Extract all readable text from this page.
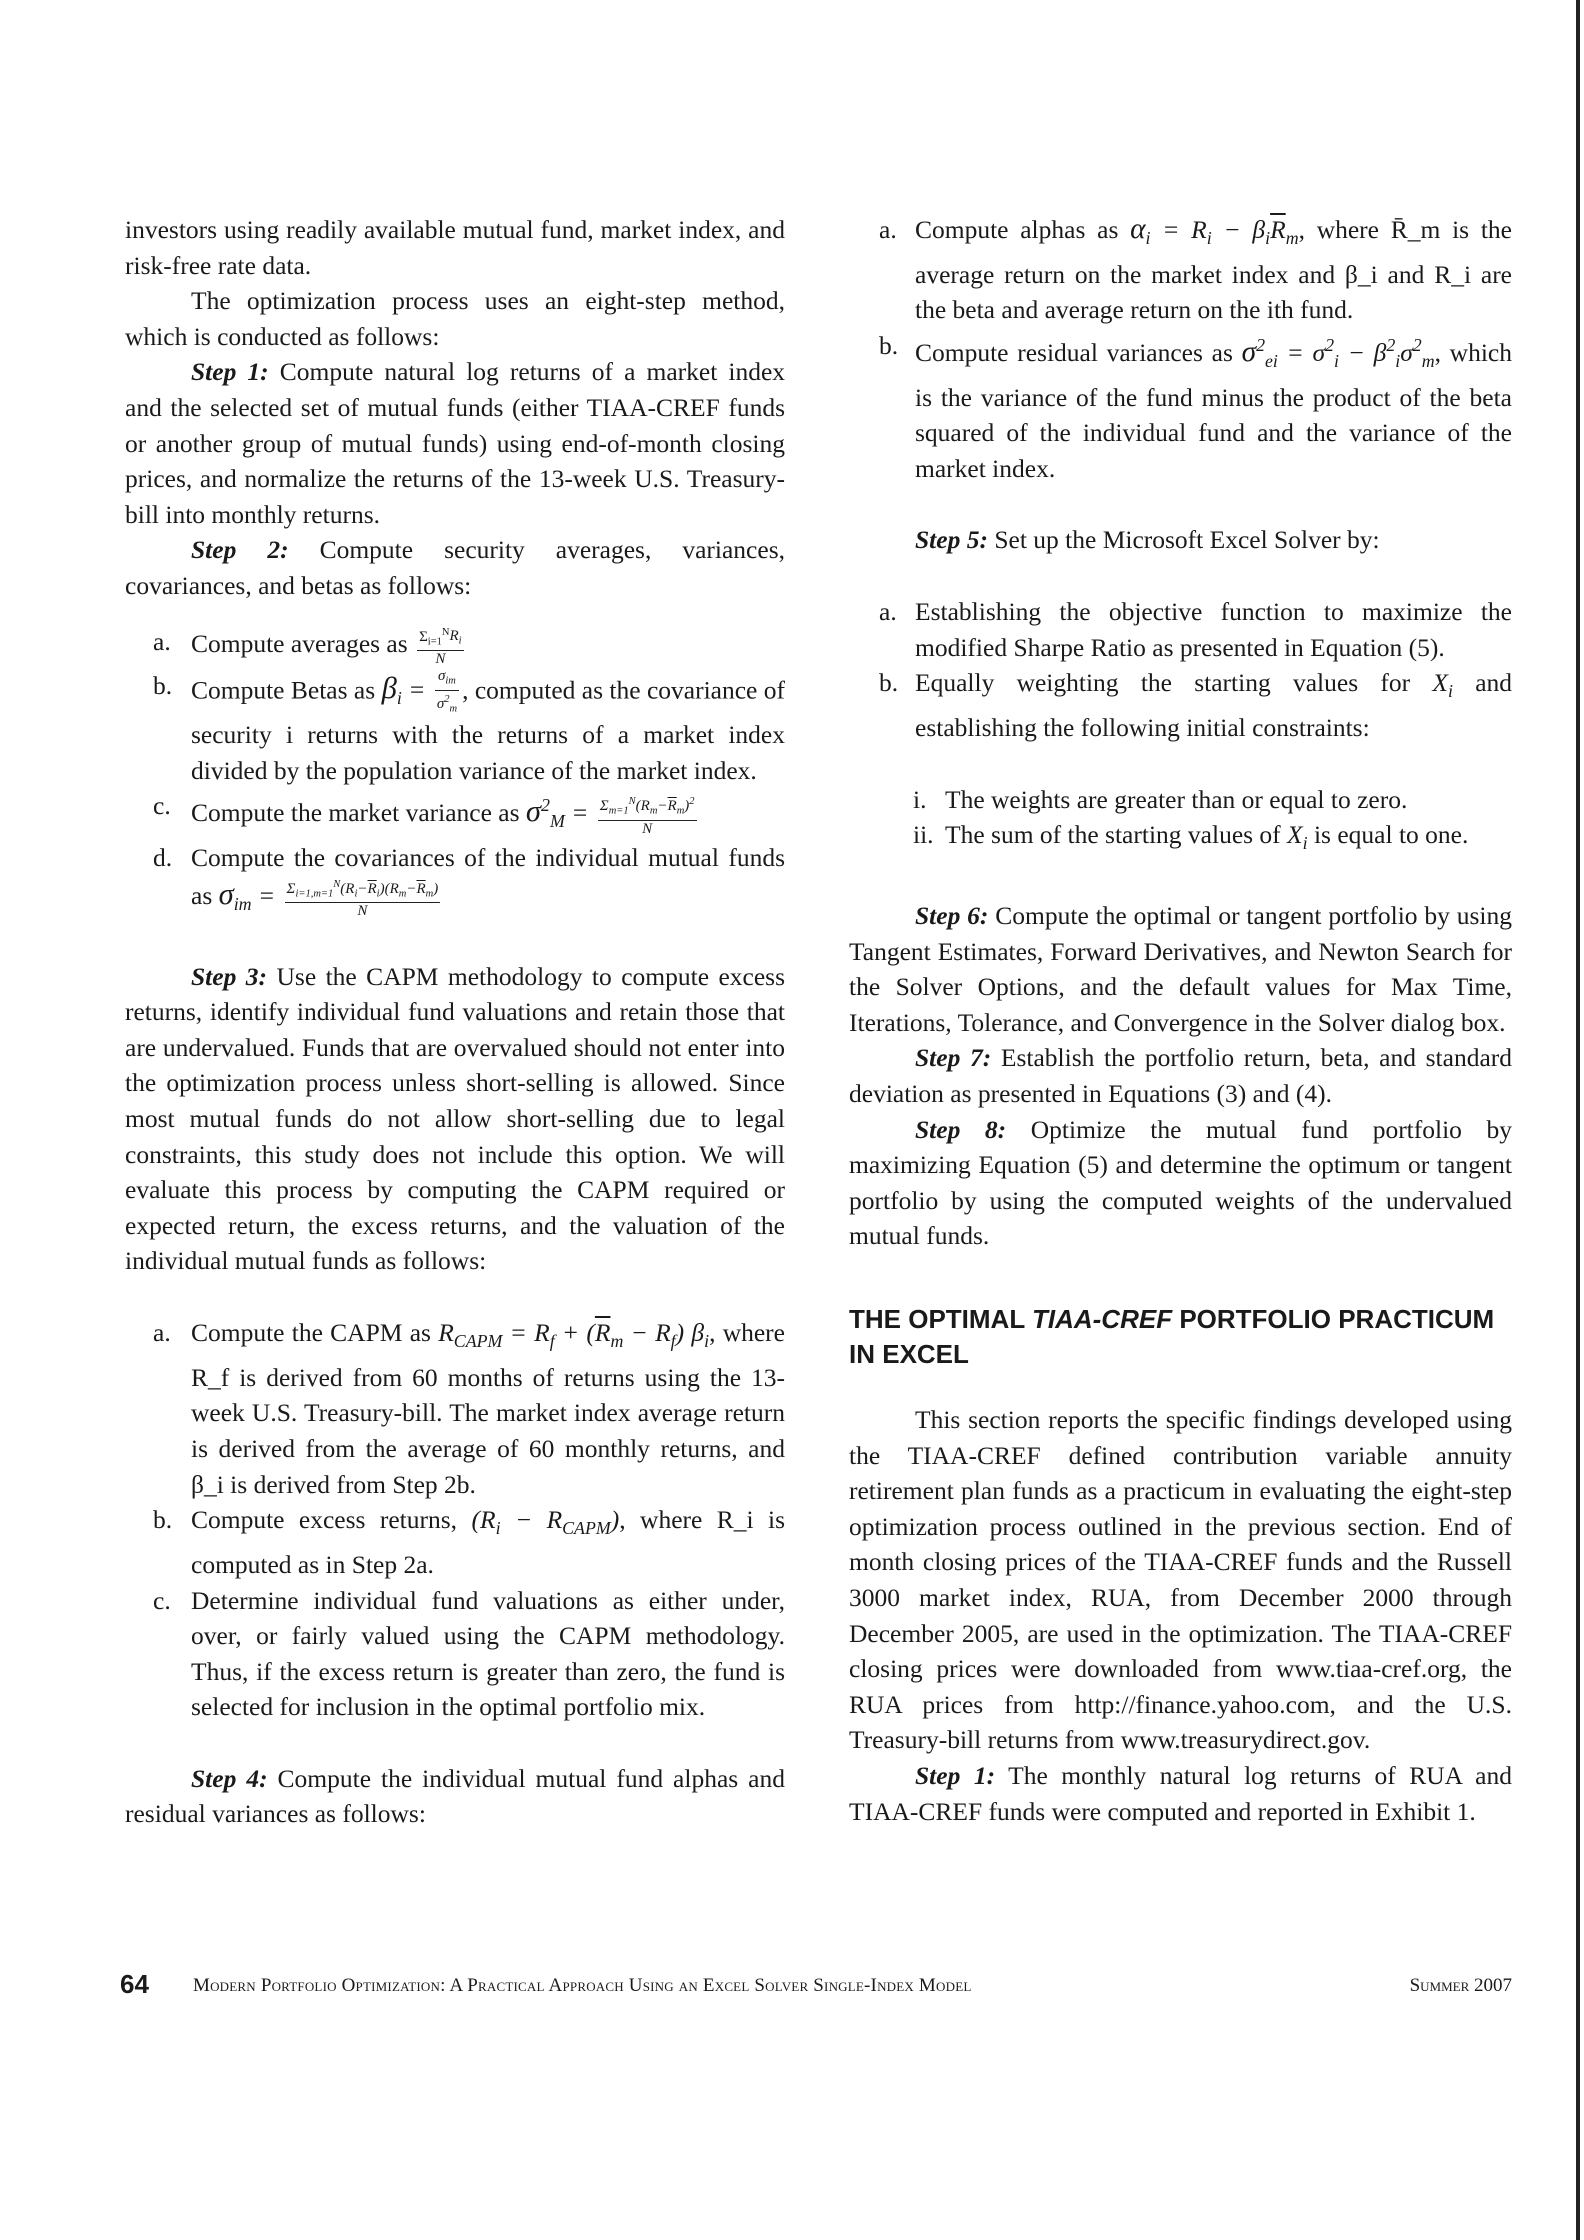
investors using readily available mutual fund, market index, and risk-free rate data.

The optimization process uses an eight-step method, which is conducted as follows:

Step 1: Compute natural log returns of a market index and the selected set of mutual funds (either TIAA-CREF funds or another group of mutual funds) using end-of-month closing prices, and normalize the returns of the 13-week U.S. Treasury-bill into monthly returns.

Step 2: Compute security averages, variances, covariances, and betas as follows:

a. Compute averages as $\frac{\Sigma_{i=1}^NR_i}{N}$

b. Compute Betas as $\beta_i = \frac{\sigma_{im}}{\sigma^2_m}$ , computed as the covariance of security i returns with the returns of a market index divided by the population variance of the market index.

c. Compute the market variance as $\sigma^2_M = \frac{\Sigma_{m=1}^N(R_m-\overline{R}_m)^2}{N}$

d. Compute the covariances of the individual mutual funds as $\sigma_{im} = \frac{\Sigma_{i=1,m=1}^N(R_i-\overline{R}_i)(R_m-\overline{R}_m)}{N}$

Step 3: Use the CAPM methodology to compute excess returns, identify individual fund valuations and retain those that are undervalued. Funds that are overvalued should not enter into the optimization process unless short-selling is allowed. Since most mutual funds do not allow short-selling due to legal constraints, this study does not include this option. We will evaluate this process by computing the CAPM required or expected return, the excess returns, and the valuation of the individual mutual funds as follows:

a. Compute the CAPM as $R_{CAPM} = R_f + (\overline{R}_m - R_f)$ $\beta_i$, where R_f is derived from 60 months of returns using the 13-week U.S. Treasury-bill. The market index average return is derived from the average of 60 monthly returns, and β_i is derived from Step 2b.

b. Compute excess returns, $(R_i - R_{CAPM})$, where R_i is computed as in Step 2a.

c. Determine individual fund valuations as either under, over, or fairly valued using the CAPM methodology. Thus, if the excess return is greater than zero, the fund is selected for inclusion in the optimal portfolio mix.

Step 4: Compute the individual mutual fund alphas and residual variances as follows:

a. Compute alphas as $\alpha_i = R_i - \beta_i\overline{R}_m$, where R̄_m is the average return on the market index and β_i and R_i are the beta and average return on the ith fund.

b. Compute residual variances as $\sigma^2_{ei} = \sigma^2_i - \beta^2_i\sigma^2_m$, which is the variance of the fund minus the product of the beta squared of the individual fund and the variance of the market index.

Step 5: Set up the Microsoft Excel Solver by:

a. Establishing the objective function to maximize the modified Sharpe Ratio as presented in Equation (5).

b. Equally weighting the starting values for $X_i$ and establishing the following initial constraints:

i. The weights are greater than or equal to zero.

ii. The sum of the starting values of $X_i$ is equal to one.

Step 6: Compute the optimal or tangent portfolio by using Tangent Estimates, Forward Derivatives, and Newton Search for the Solver Options, and the default values for Max Time, Iterations, Tolerance, and Convergence in the Solver dialog box.

Step 7: Establish the portfolio return, beta, and standard deviation as presented in Equations (3) and (4).

Step 8: Optimize the mutual fund portfolio by maximizing Equation (5) and determine the optimum or tangent portfolio by using the computed weights of the undervalued mutual funds.

THE OPTIMAL TIAA-CREF PORTFOLIO PRACTICUM IN EXCEL

This section reports the specific findings developed using the TIAA-CREF defined contribution variable annuity retirement plan funds as a practicum in evaluating the eight-step optimization process outlined in the previous section. End of month closing prices of the TIAA-CREF funds and the Russell 3000 market index, RUA, from December 2000 through December 2005, are used in the optimization. The TIAA-CREF closing prices were downloaded from www.tiaa-cref.org, the RUA prices from http://finance.yahoo.com, and the U.S. Treasury-bill returns from www.treasurydirect.gov.

Step 1: The monthly natural log returns of RUA and TIAA-CREF funds were computed and reported in Exhibit 1.

64 Modern Portfolio Optimization: A Practical Approach Using an Excel Solver Single-Index Model	Summer 2007
